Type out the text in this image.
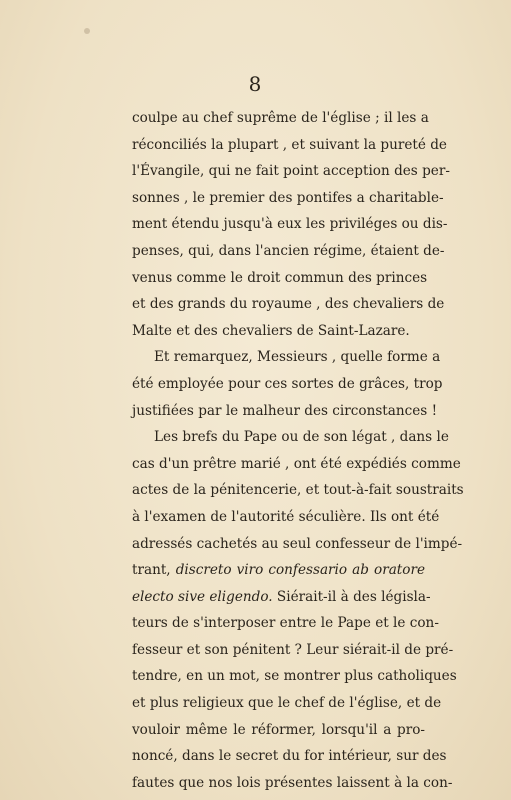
8
coulpe au chef suprême de l'église ; il les a
réconciliés la plupart , et suivant la pureté de
l'Évangile, qui ne fait point acception des per-
sonnes , le premier des pontifes a charitable-
ment étendu jusqu'à eux les priviléges ou dis-
penses, qui, dans l'ancien régime, étaient de-
venus comme le droit commun des princes
et des grands du royaume , des chevaliers de
Malte et des chevaliers de Saint-Lazare.
Et remarquez, Messieurs , quelle forme a
été employée pour ces sortes de grâces, trop
justifiées par le malheur des circonstances !
Les brefs du Pape ou de son légat , dans le
cas d'un prêtre marié , ont été expédiés comme
actes de la pénitencerie, et tout-à-fait soustraits
à l'examen de l'autorité séculière. Ils ont été
adressés cachetés au seul confesseur de l'impé-
trant, discreto viro confessario ab oratore
electo sive eligendo. Siérait-il à des législa-
teurs de s'interposer entre le Pape et le con-
fesseur et son pénitent ? Leur siérait-il de pré-
tendre, en un mot, se montrer plus catholiques
et plus religieux que le chef de l'église, et de
vouloir même le réformer, lorsqu'il a pro-
noncé, dans le secret du for intérieur, sur des
fautes que nos lois présentes laissent à la con-
